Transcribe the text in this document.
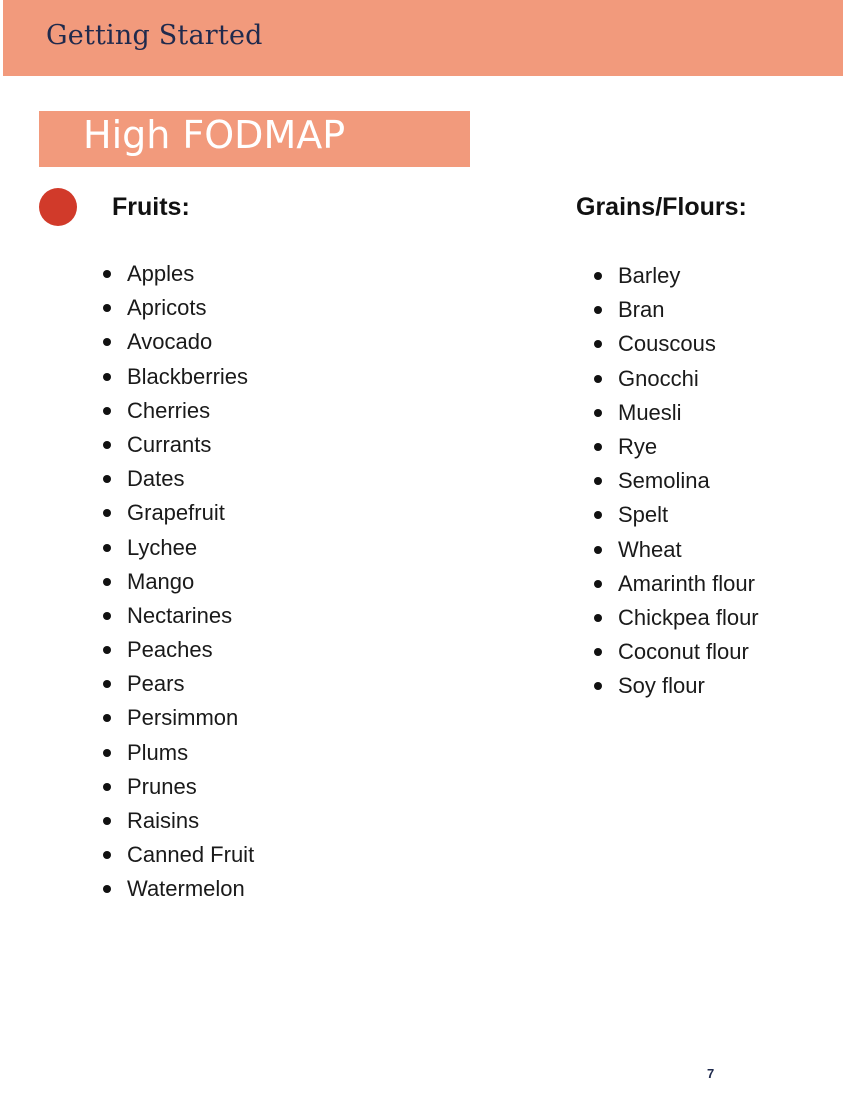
Getting Started
High FODMAP
Fruits:	Grains/Flours:
Apples
Apricots
Avocado
Blackberries
Cherries
Currants
Dates
Grapefruit
Lychee
Mango
Nectarines
Peaches
Pears
Persimmon
Plums
Prunes
Raisins
Canned Fruit
Watermelon
Barley
Bran
Couscous
Gnocchi
Muesli
Rye
Semolina
Spelt
Wheat
Amarinth flour
Chickpea flour
Coconut flour
Soy flour
7
